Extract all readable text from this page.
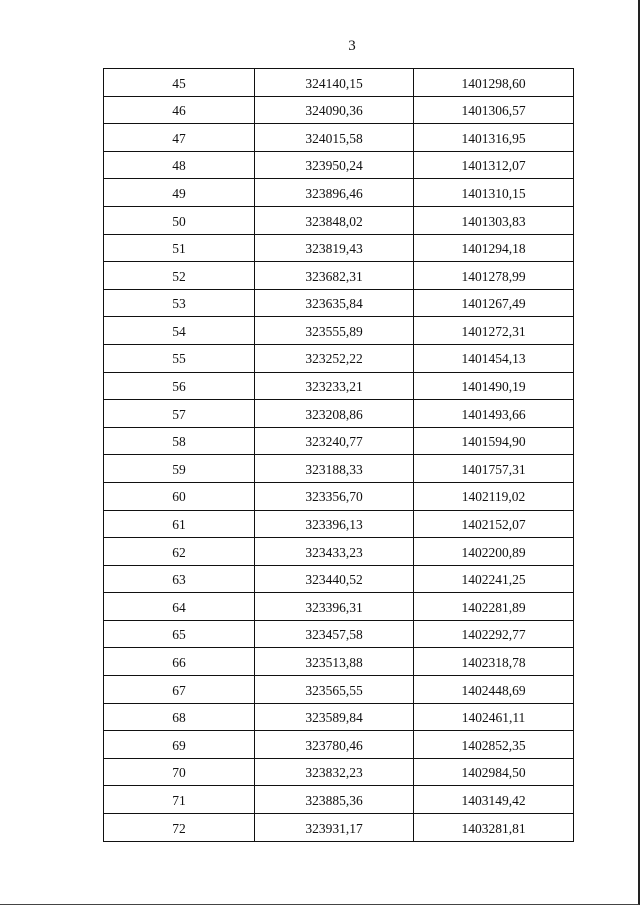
3
45	324140,15	1401298,60
46	324090,36	1401306,57
47	324015,58	1401316,95
48	323950,24	1401312,07
49	323896,46	1401310,15
50	323848,02	1401303,83
51	323819,43	1401294,18
52	323682,31	1401278,99
53	323635,84	1401267,49
54	323555,89	1401272,31
55	323252,22	1401454,13
56	323233,21	1401490,19
57	323208,86	1401493,66
58	323240,77	1401594,90
59	323188,33	1401757,31
60	323356,70	1402119,02
61	323396,13	1402152,07
62	323433,23	1402200,89
63	323440,52	1402241,25
64	323396,31	1402281,89
65	323457,58	1402292,77
66	323513,88	1402318,78
67	323565,55	1402448,69
68	323589,84	1402461,11
69	323780,46	1402852,35
70	323832,23	1402984,50
71	323885,36	1403149,42
72	323931,17	1403281,81
